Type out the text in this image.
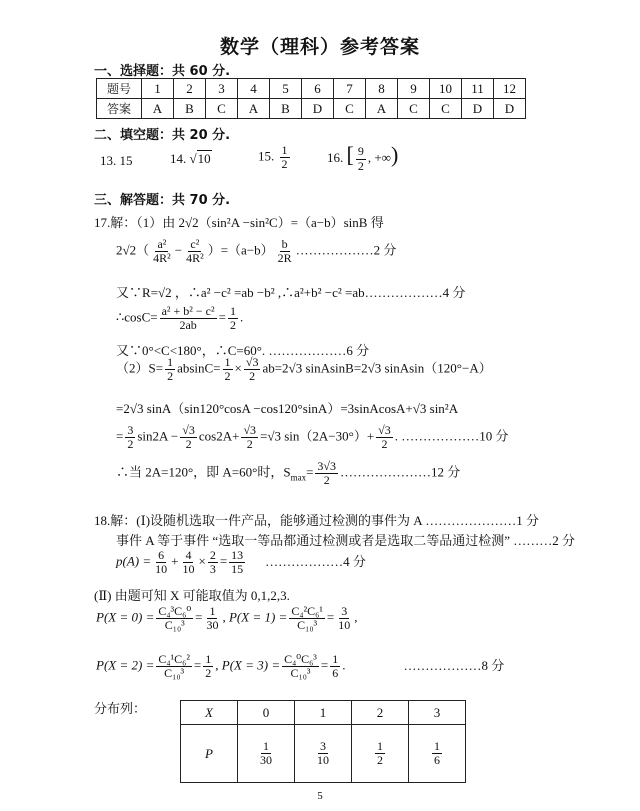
数学（理科）参考答案
一、选择题：共 60 分.
题号	1	2	3	4	5	6	7	8	9	10	11	12
答案	A	B	C	A	B	D	C	A	C	C	D	D
二、填空题：共 20 分.
13. 15	14. √10	15. $\frac{1}{2}$	16. [ $\frac{9}{2}$ , +∞)
三、解答题：共 70 分.
17.解：（1）由 2√2（sin²A −sin²C）=（a−b）sinB 得
$2√2( \frac{\text{a²}}{\text{4R²}} - \frac{\text{c²}}{\text{4R²}} )=(a-b) \frac{b}{2R}$ ………………2 分
又∵R=√2 ，∴a² −c² =ab −b² ,∴a²+b² −c² =ab………………4 分
∴cosC= $\frac{\text{a² + b² − c²}}{2ab} = \frac{1}{2}$ .
又∵0°<C<180°，∴C=60°. ………………6 分
$(2)S= \frac{1}{2} absinC= \frac{1}{2} \times \frac{√3}{2} ab=2√3$ sinAsinB=2√3 sinAsin（120°−A）
=2√3 sinA（sin120°cosA −cos120°sinA）=3sinAcosA+√3 sin²A
= $\frac{3}{2} \sin 2A - \frac{√3}{2} \cos 2A+ \frac{√3}{2} =√3$ $\sin(2A-30^\circ)+ \frac{√3}{2}$ . ………………10 分
∴当 2A=120°，即 A=60°时，$S_{max}= \frac{3√3}{2}$ …………………12 分
18.解：(Ⅰ)设随机选取一件产品，能够通过检测的事件为 A …………………1 分
事件 A 等于事件 “选取一等品都通过检测或者是选取二等品通过检测” ………2 分
$p(A) = \frac{6}{10} + \frac{4}{10} \times \frac{2}{3} = \frac{13}{15}$ ………………4 分
(Ⅱ) 由题可知 X 可能取值为 0,1,2,3.
$P(X = 0) = \frac{\text{C₄³C₆⁰}}{\text{C₁₀³}} = \frac{1}{30}$ , $P(X = 1) = \frac{\text{C₄²C₆¹}}{\text{C₁₀³}} = \frac{3}{10}$ ,
$P(X = 2) = \frac{\text{C₄¹C₆²}}{\text{C₁₀³}} = \frac{1}{2}$ , $P(X = 3) = \frac{\text{C₄⁰C₆³}}{\text{C₁₀³}} = \frac{1}{6}$ .	………………8 分
分布列：	X	0	1	2	3
P	$\frac{1}{30}$	$\frac{3}{10}$	$\frac{1}{2}$	$\frac{1}{6}$
5
